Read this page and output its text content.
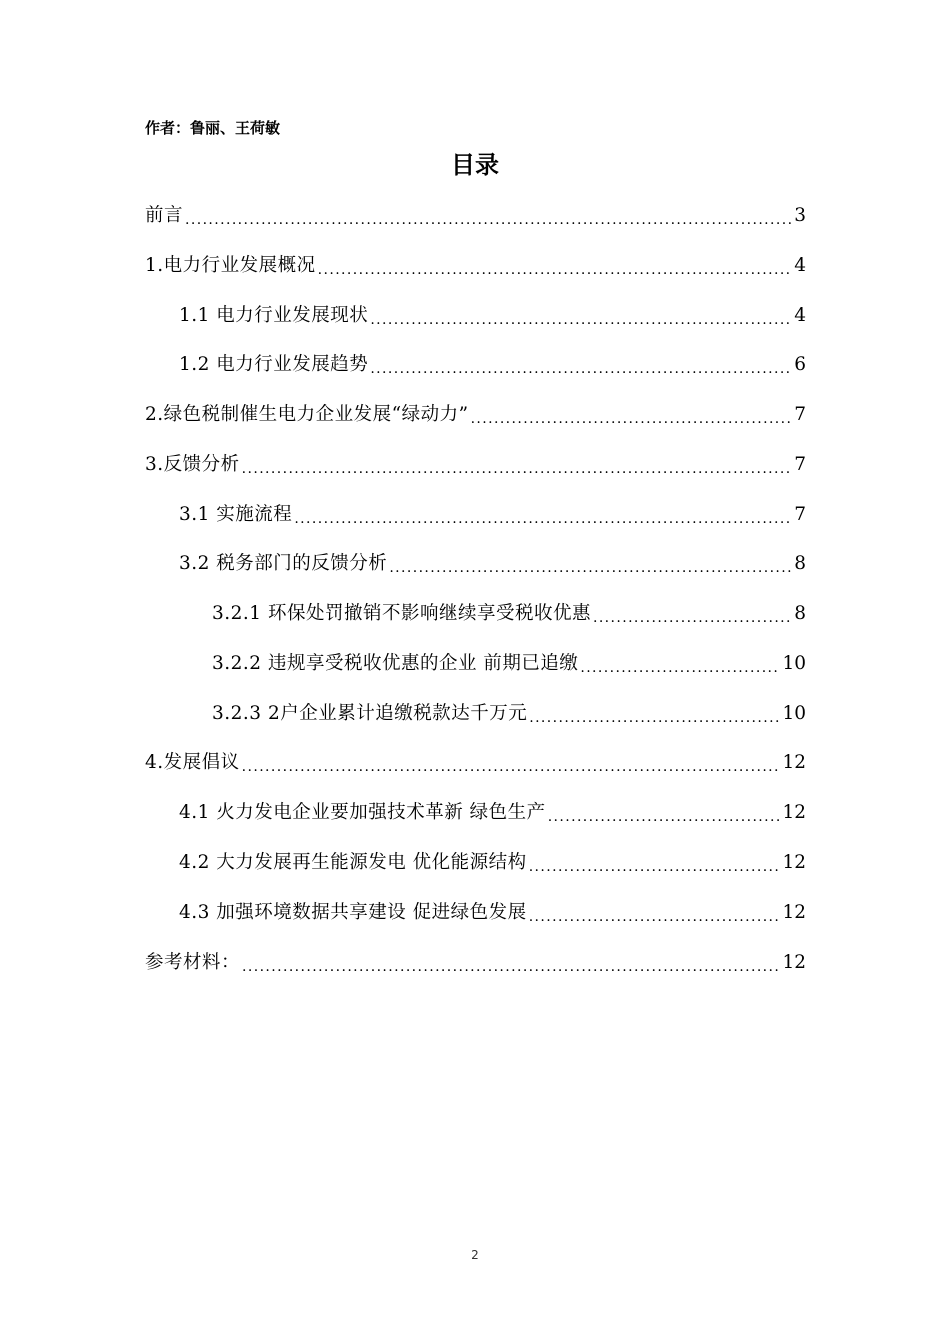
作者：鲁丽、王荷敏
目录
前言 .....	3
1.电力行业发展概况 .....	4
1.1 电力行业发展现状 .....	4
1.2 电力行业发展趋势 .....	6
2.绿色税制催生电力企业发展“绿动力” .....	7
3.反馈分析 .....	7
3.1 实施流程 .....	7
3.2 税务部门的反馈分析 .....	8
3.2.1 环保处罚撤销不影响继续享受税收优惠 .....	8
3.2.2 违规享受税收优惠的企业 前期已追缴 .....	10
3.2.3 2户企业累计追缴税款达千万元 .....	10
4.发展倡议 .....	12
4.1 火力发电企业要加强技术革新 绿色生产 .....	12
4.2 大力发展再生能源发电 优化能源结构 .....	12
4.3 加强环境数据共享建设 促进绿色发展 .....	12
参考材料： .....	12
2
